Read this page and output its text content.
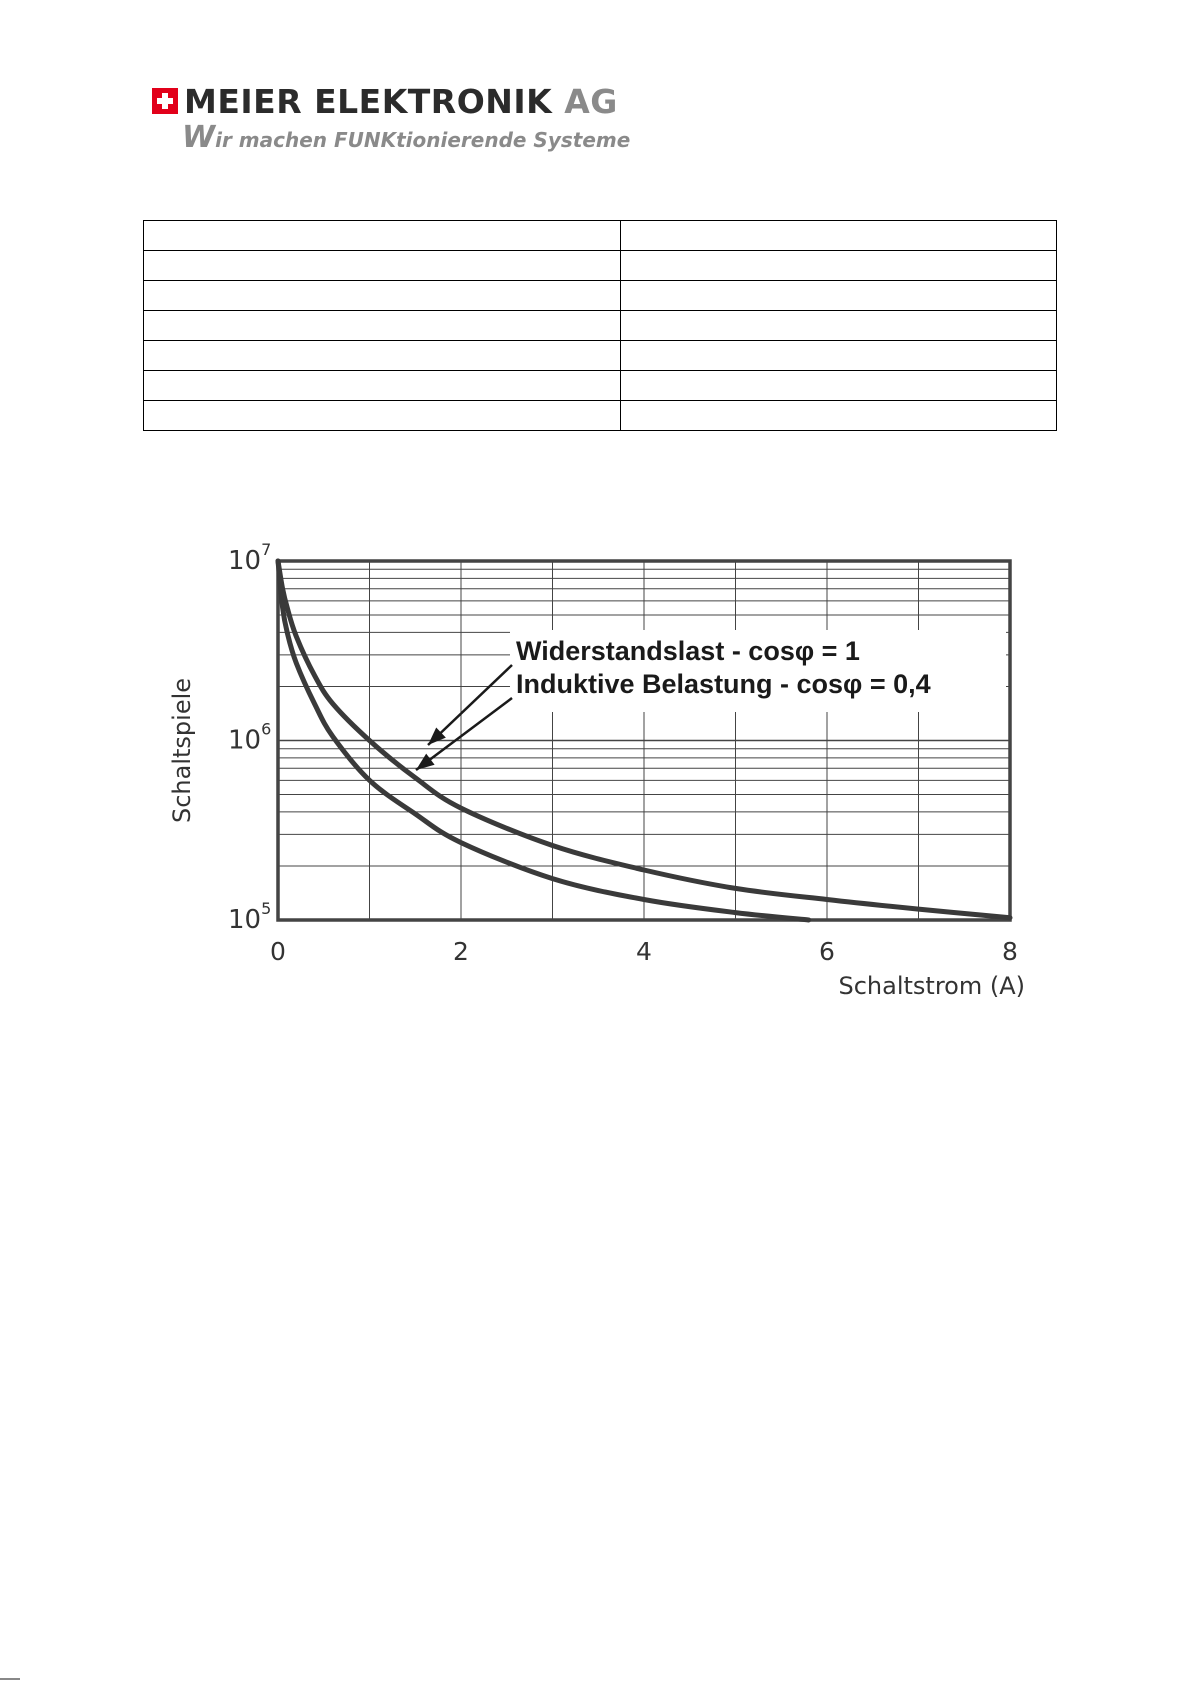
MEIER ELEKTRONIK AG
Wir machen FUNKtionierende Systeme

Widerstandslast - cosφ = 1
Induktive Belastung - cosφ = 0,4
0	2	4	6	8
$10^5$
$10^6$
$10^7$
Schaltstrom (A)
Schaltspiele
